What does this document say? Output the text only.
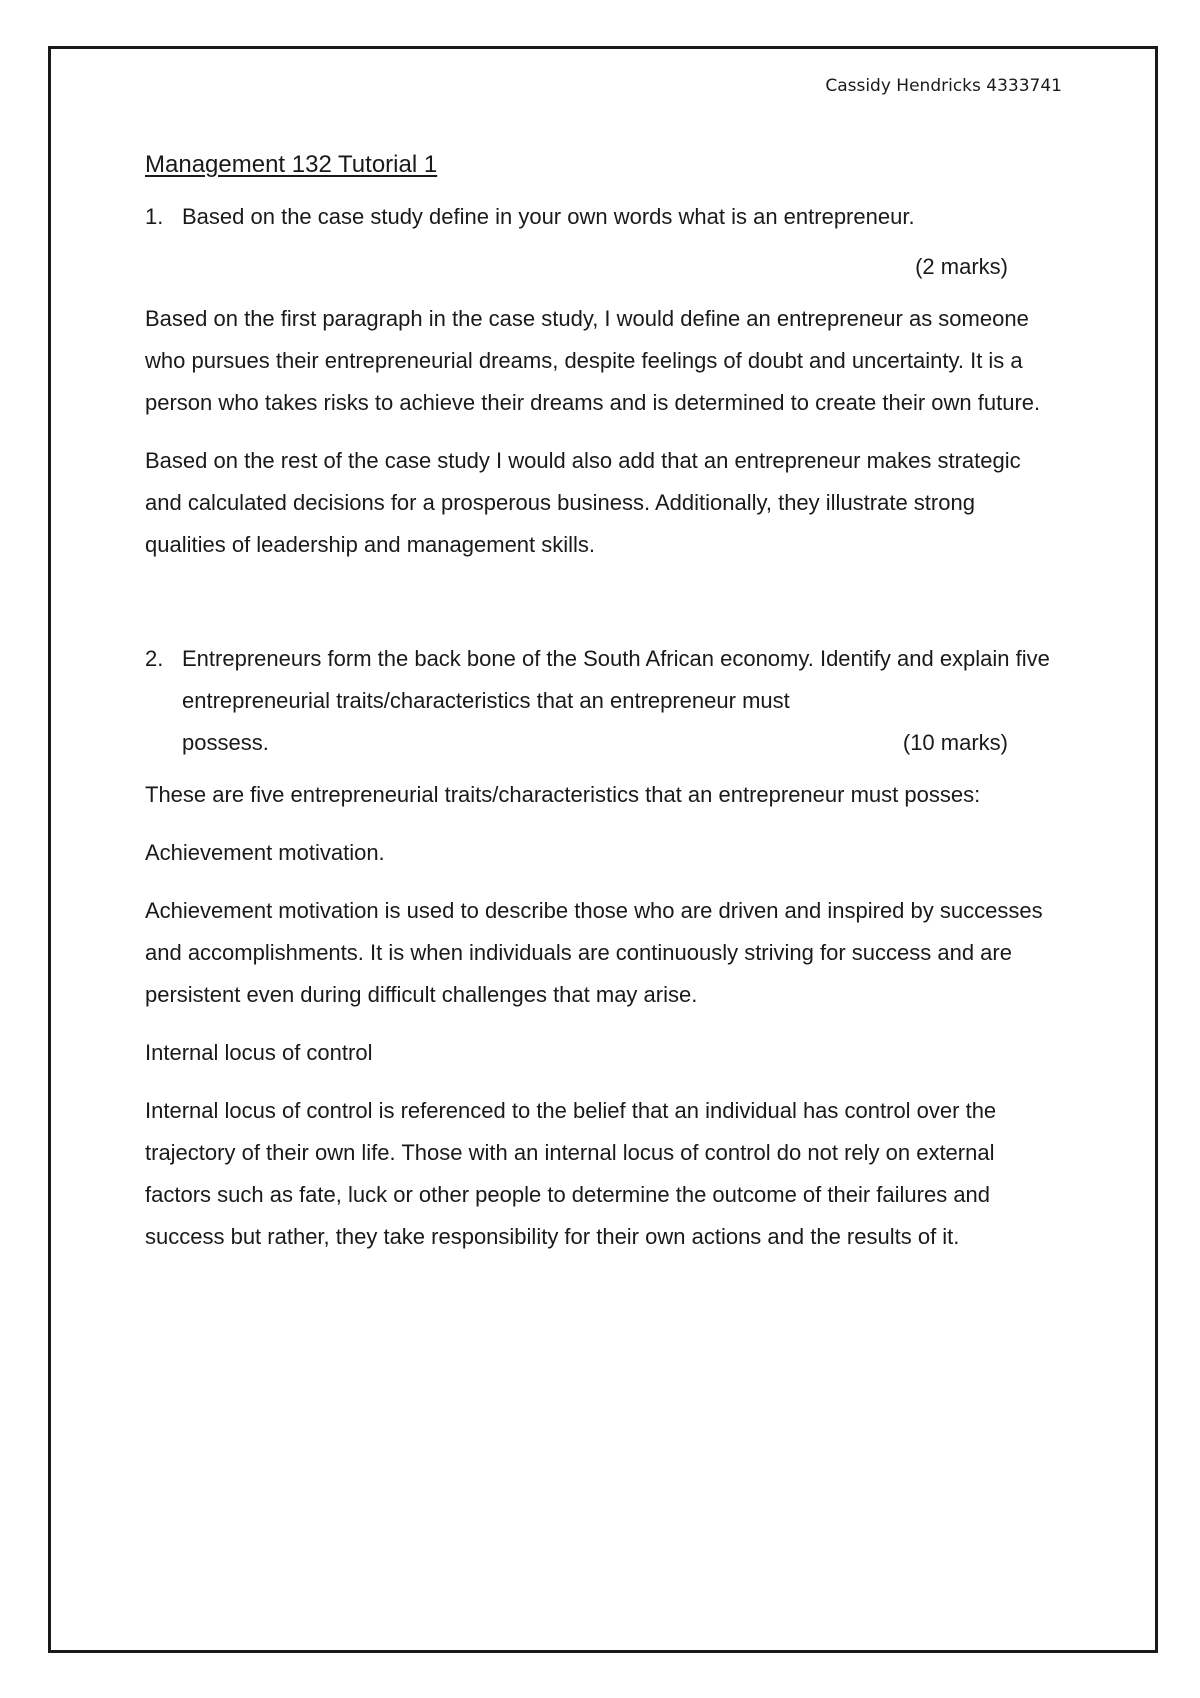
Cassidy Hendricks 4333741
Management 132 Tutorial 1
1. Based on the case study define in your own words what is an entrepreneur.
(2 marks)

Based on the first paragraph in the case study, I would define an entrepreneur as someone who pursues their entrepreneurial dreams, despite feelings of doubt and uncertainty. It is a person who takes risks to achieve their dreams and is determined to create their own future.

Based on the rest of the case study I would also add that an entrepreneur makes strategic and calculated decisions for a prosperous business. Additionally, they illustrate strong qualities of leadership and management skills.

2. Entrepreneurs form the back bone of the South African economy. Identify and explain five entrepreneurial traits/characteristics that an entrepreneur must
possess.	(10 marks)

These are five entrepreneurial traits/characteristics that an entrepreneur must posses:

Achievement motivation.

Achievement motivation is used to describe those who are driven and inspired by successes and accomplishments. It is when individuals are continuously striving for success and are persistent even during difficult challenges that may arise.

Internal locus of control

Internal locus of control is referenced to the belief that an individual has control over the trajectory of their own life. Those with an internal locus of control do not rely on external factors such as fate, luck or other people to determine the outcome of their failures and success but rather, they take responsibility for their own actions and the results of it.
